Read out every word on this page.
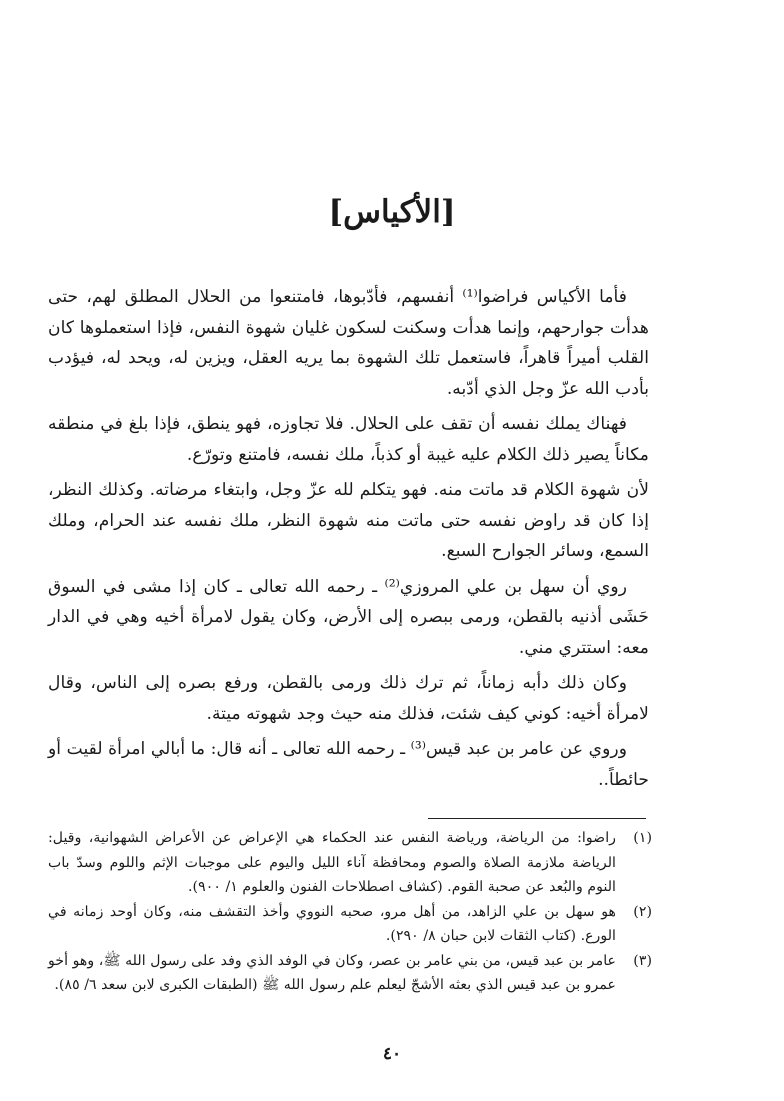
[الأكياس]

فأما الأكياس فراضوا⁽¹⁾ أنفسهم، فأدّبوها، فامتنعوا من الحلال المطلق لهم، حتى هدأت جوارحهم، وإنما هدأت وسكنت لسكون غليان شهوة النفس، فإذا استعملوها كان القلب أميراً قاهراً، فاستعمل تلك الشهوة بما يريه العقل، ويزين له، ويحد له، فيؤدب بأدب الله عزّ وجل الذي أدّبه.

فهناك يملك نفسه أن تقف على الحلال. فلا تجاوزه، فهو ينطق، فإذا بلغ في منطقه مكاناً يصير ذلك الكلام عليه غيبة أو كذباً، ملك نفسه، فامتنع وتورّع.

لأن شهوة الكلام قد ماتت منه. فهو يتكلم لله عزّ وجل، وابتغاء مرضاته. وكذلك النظر، إذا كان قد راوض نفسه حتى ماتت منه شهوة النظر، ملك نفسه عند الحرام، وملك السمع، وسائر الجوارح السبع.

روي أن سهل بن علي المروزي⁽²⁾ ـ رحمه الله تعالى ـ كان إذا مشى في السوق حَشَى أذنيه بالقطن، ورمى ببصره إلى الأرض، وكان يقول لامرأة أخيه وهي في الدار معه: استتري مني.

وكان ذلك دأبه زماناً، ثم ترك ذلك ورمى بالقطن، ورفع بصره إلى الناس، وقال لامرأة أخيه: كوني كيف شئت، فذلك منه حيث وجد شهوته ميتة.

وروي عن عامر بن عبد قيس⁽³⁾ ـ رحمه الله تعالى ـ أنه قال: ما أبالي امرأة لقيت أو حائطاً..

(١)
راضوا: من الرياضة، ورياضة النفس عند الحكماء هي الإعراض عن الأعراض الشهوانية، وقيل: الرياضة ملازمة الصلاة والصوم ومحافظة آناء الليل واليوم على موجبات الإثم واللوم وسدّ باب النوم والبُعد عن صحبة القوم. (كشاف اصطلاحات الفنون والعلوم ١/ ٩٠٠).
(٢)
هو سهل بن علي الزاهد، من أهل مرو، صحبه النووي وأخذ التقشف منه، وكان أوحد زمانه في الورع. (كتاب الثقات لابن حبان ٨/ ٢٩٠).
(٣)
عامر بن عبد قيس، من بني عامر بن عصر، وكان في الوفد الذي وفد على رسول الله ﷺ، وهو أخو عمرو بن عبد قيس الذي بعثه الأشجّ ليعلم علم رسول الله ﷺ (الطبقات الكبرى لابن سعد ٦/ ٨٥).
٤٠
